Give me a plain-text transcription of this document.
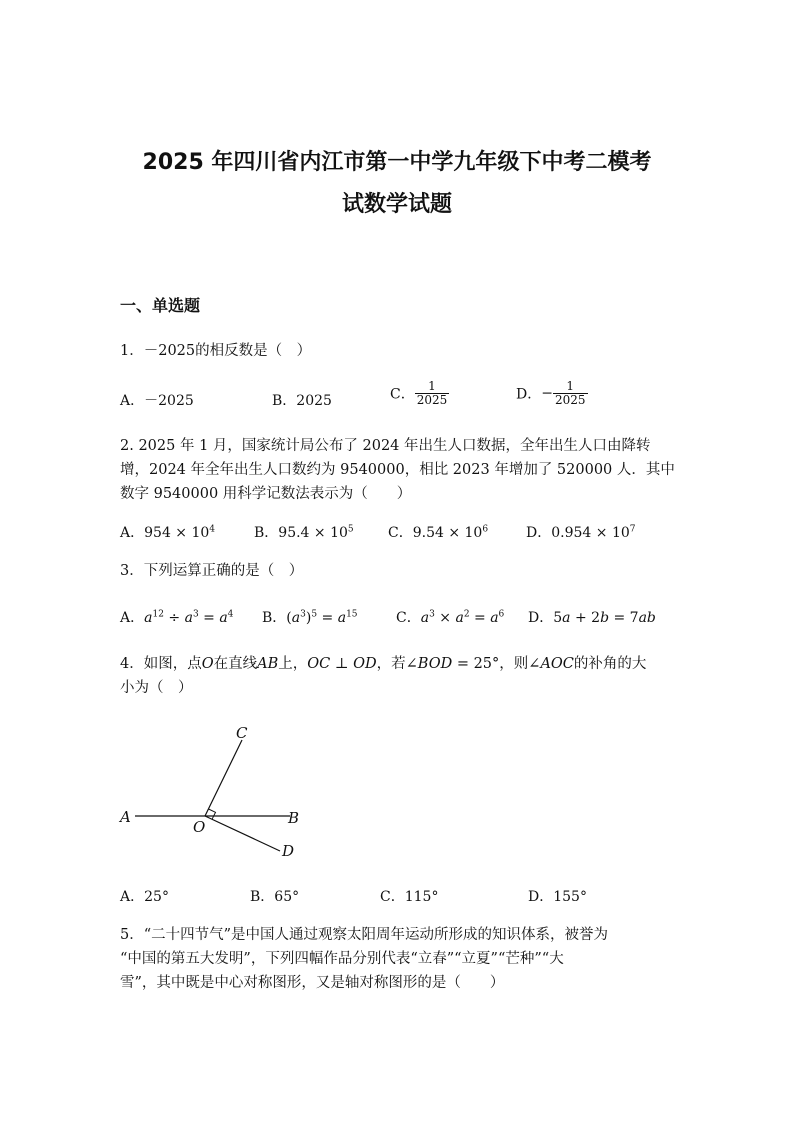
2025 年四川省内江市第一中学九年级下中考二模考
试数学试题
一、单选题
1．－2025的相反数是（　）
A．－2025	B．2025	C． $\frac{1}{2025}$	D．− $\frac{1}{2025}$
2. 2025 年 1 月，国家统计局公布了 2024 年出生人口数据，全年出生人口由降转
增，2024 年全年出生人口数约为 9540000，相比 2023 年增加了 520000 人．其中
数字 9540000 用科学记数法表示为（　　）
A．$954 \times 10^4$	B．$95.4 \times 10^5$ C．$9.54 \times 10^6$	D．$0.954 \times 10^7$
3．下列运算正确的是（　）
A．$a^{12} \div a^3 = a^4$ B．$(a^3)^5 = a^{15}$	C．$a^3 \times a^2 = a^6$ D．5a + 2b = 7ab
4．如图，点O在直线AB上，OC ⊥ OD，若∠BOD = 25°，则∠AOC的补角的大
小为（　）
A	B
C
D
O
A．25°	B．65°	C．115°	D．155°
5．“二十四节气”是中国人通过观察太阳周年运动所形成的知识体系，被誉为
“中国的第五大发明”，下列四幅作品分别代表“立春”“立夏”“芒种”“大
雪”，其中既是中心对称图形，又是轴对称图形的是（　　）
